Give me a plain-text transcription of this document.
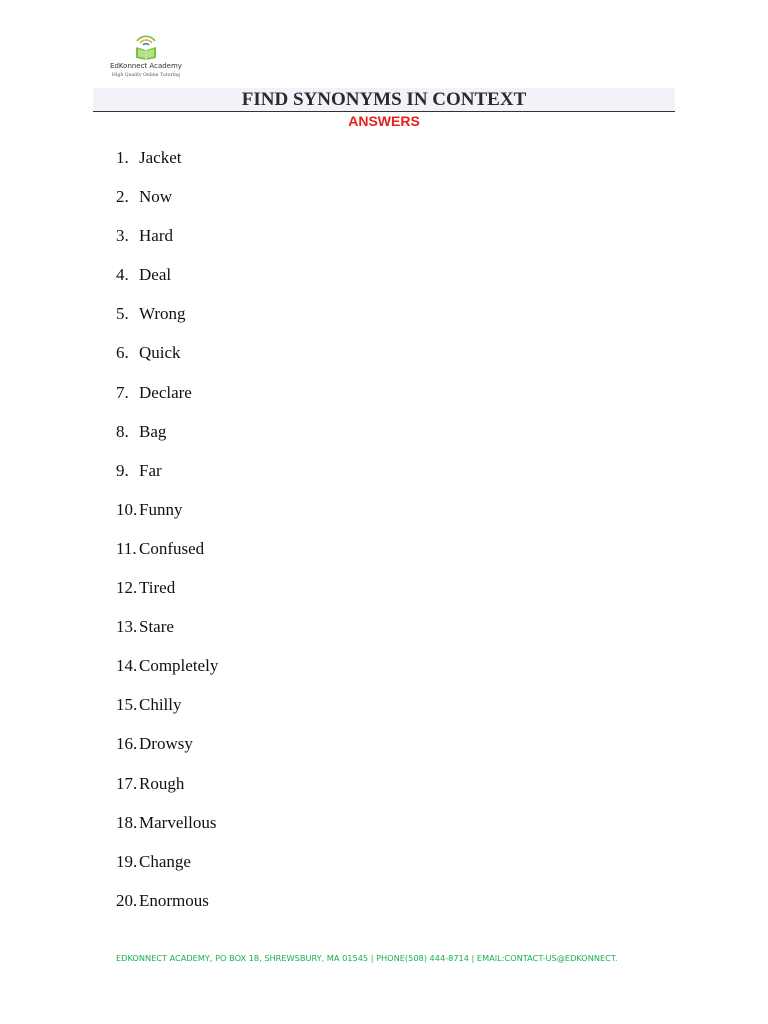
EdKonnect Academy
High Quality Online Tutoring
FIND SYNONYMS IN CONTEXT
ANSWERS
1. Jacket
2. Now
3. Hard
4. Deal
5. Wrong
6. Quick
7. Declare
8. Bag
9. Far
10. Funny
11. Confused
12. Tired
13. Stare
14. Completely
15. Chilly
16. Drowsy
17. Rough
18. Marvellous
19. Change
20. Enormous
EDKONNECT ACADEMY, PO BOX 18, SHREWSBURY, MA 01545 | PHONE(508) 444-8714 | EMAIL:CONTACT-US@EDKONNECT.
